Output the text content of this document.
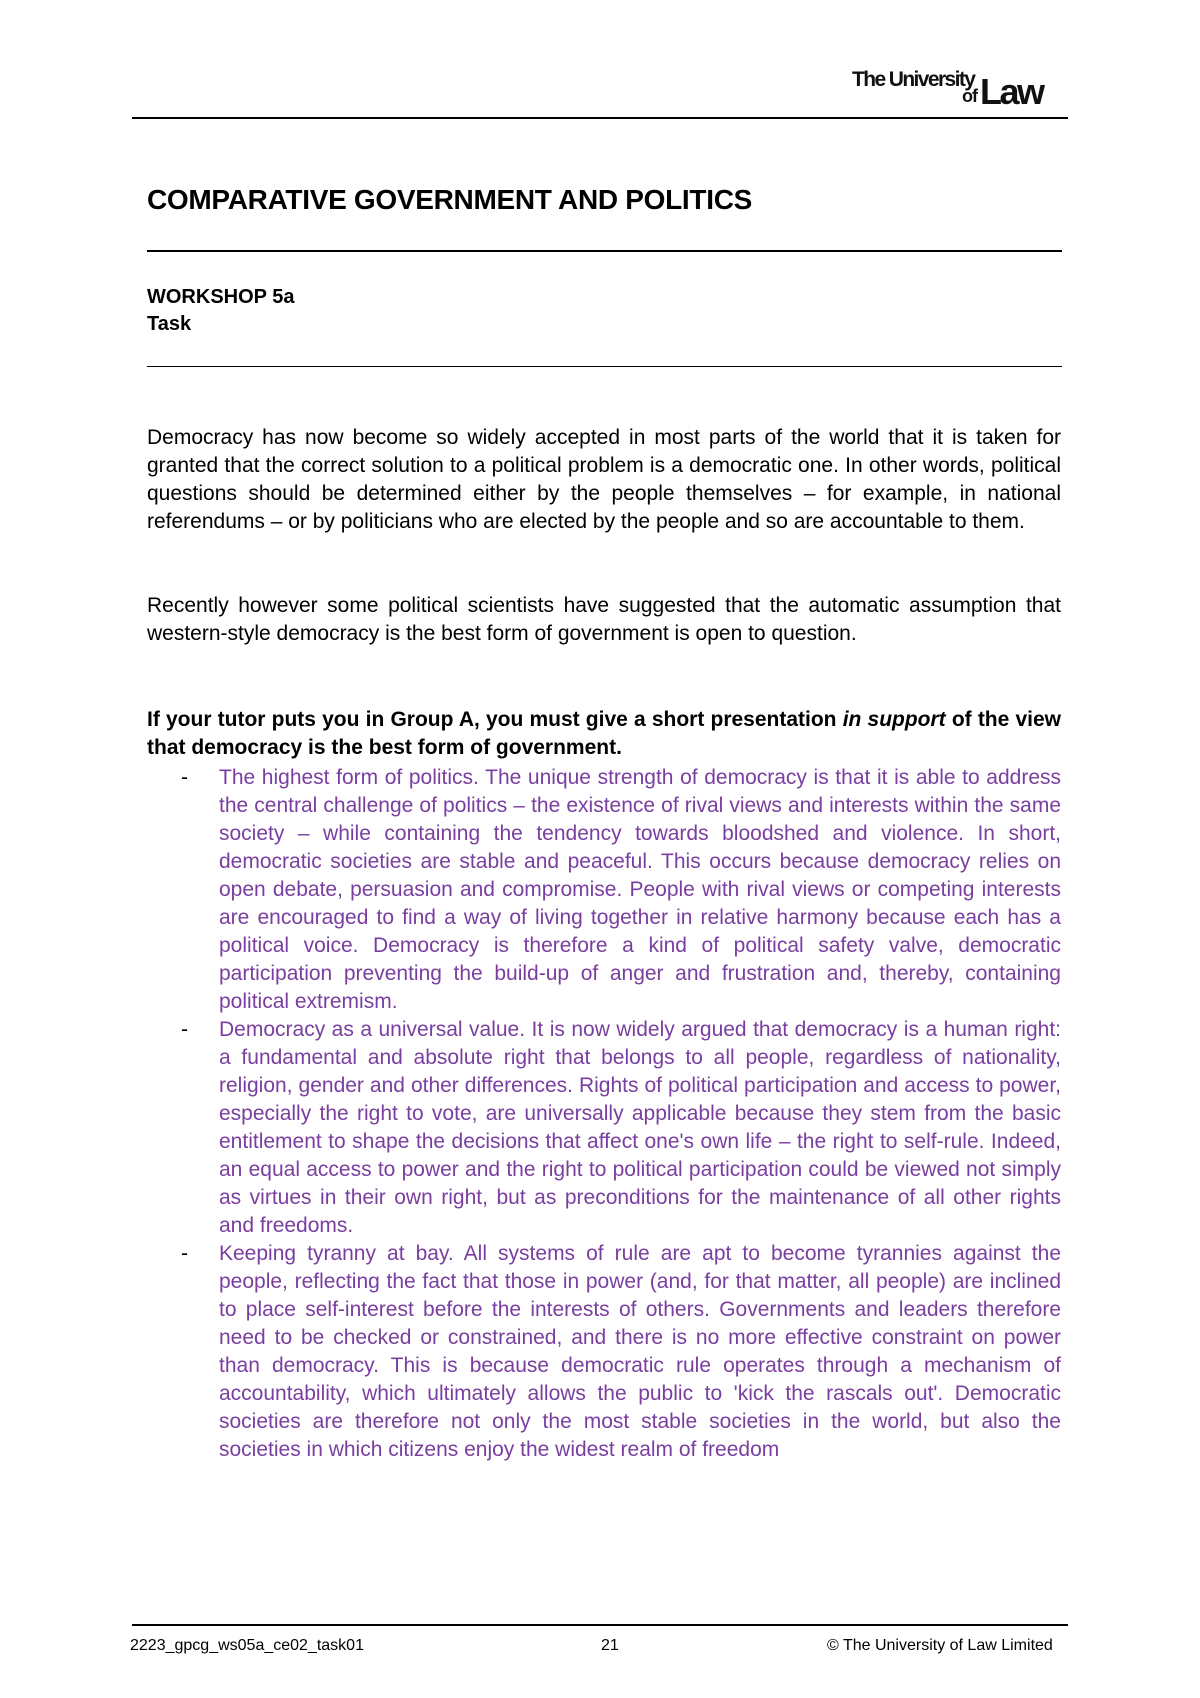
The University
of Law
COMPARATIVE GOVERNMENT AND POLITICS
WORKSHOP 5a
Task

Democracy has now become so widely accepted in most parts of the world that it is taken for granted that the correct solution to a political problem is a democratic one. In other words, political questions should be determined either by the people themselves – for example, in national referendums – or by politicians who are elected by the people and so are accountable to them.

Recently however some political scientists have suggested that the automatic assumption that western-style democracy is the best form of government is open to question.

If your tutor puts you in Group A, you must give a short presentation in support of the view that democracy is the best form of government.

- The highest form of politics. The unique strength of democracy is that it is able to address the central challenge of politics – the existence of rival views and interests within the same society – while containing the tendency towards bloodshed and violence. In short, democratic societies are stable and peaceful. This occurs because democracy relies on open debate, persuasion and compromise. People with rival views or competing interests are encouraged to find a way of living together in relative harmony because each has a political voice. Democracy is therefore a kind of political safety valve, democratic participation preventing the build-up of anger and frustration and, thereby, containing political extremism.
- Democracy as a universal value. It is now widely argued that democracy is a human right: a fundamental and absolute right that belongs to all people, regardless of nationality, religion, gender and other differences. Rights of political participation and access to power, especially the right to vote, are universally applicable because they stem from the basic entitlement to shape the decisions that affect one's own life – the right to self-rule. Indeed, an equal access to power and the right to political participation could be viewed not simply as virtues in their own right, but as preconditions for the maintenance of all other rights and freedoms.
- Keeping tyranny at bay. All systems of rule are apt to become tyrannies against the people, reflecting the fact that those in power (and, for that matter, all people) are inclined to place self-interest before the interests of others. Governments and leaders therefore need to be checked or constrained, and there is no more effective constraint on power than democracy. This is because democratic rule operates through a mechanism of accountability, which ultimately allows the public to 'kick the rascals out'. Democratic societies are therefore not only the most stable societies in the world, but also the societies in which citizens enjoy the widest realm of freedom
2223_gpcg_ws05a_ce02_task01	21	© The University of Law Limited
